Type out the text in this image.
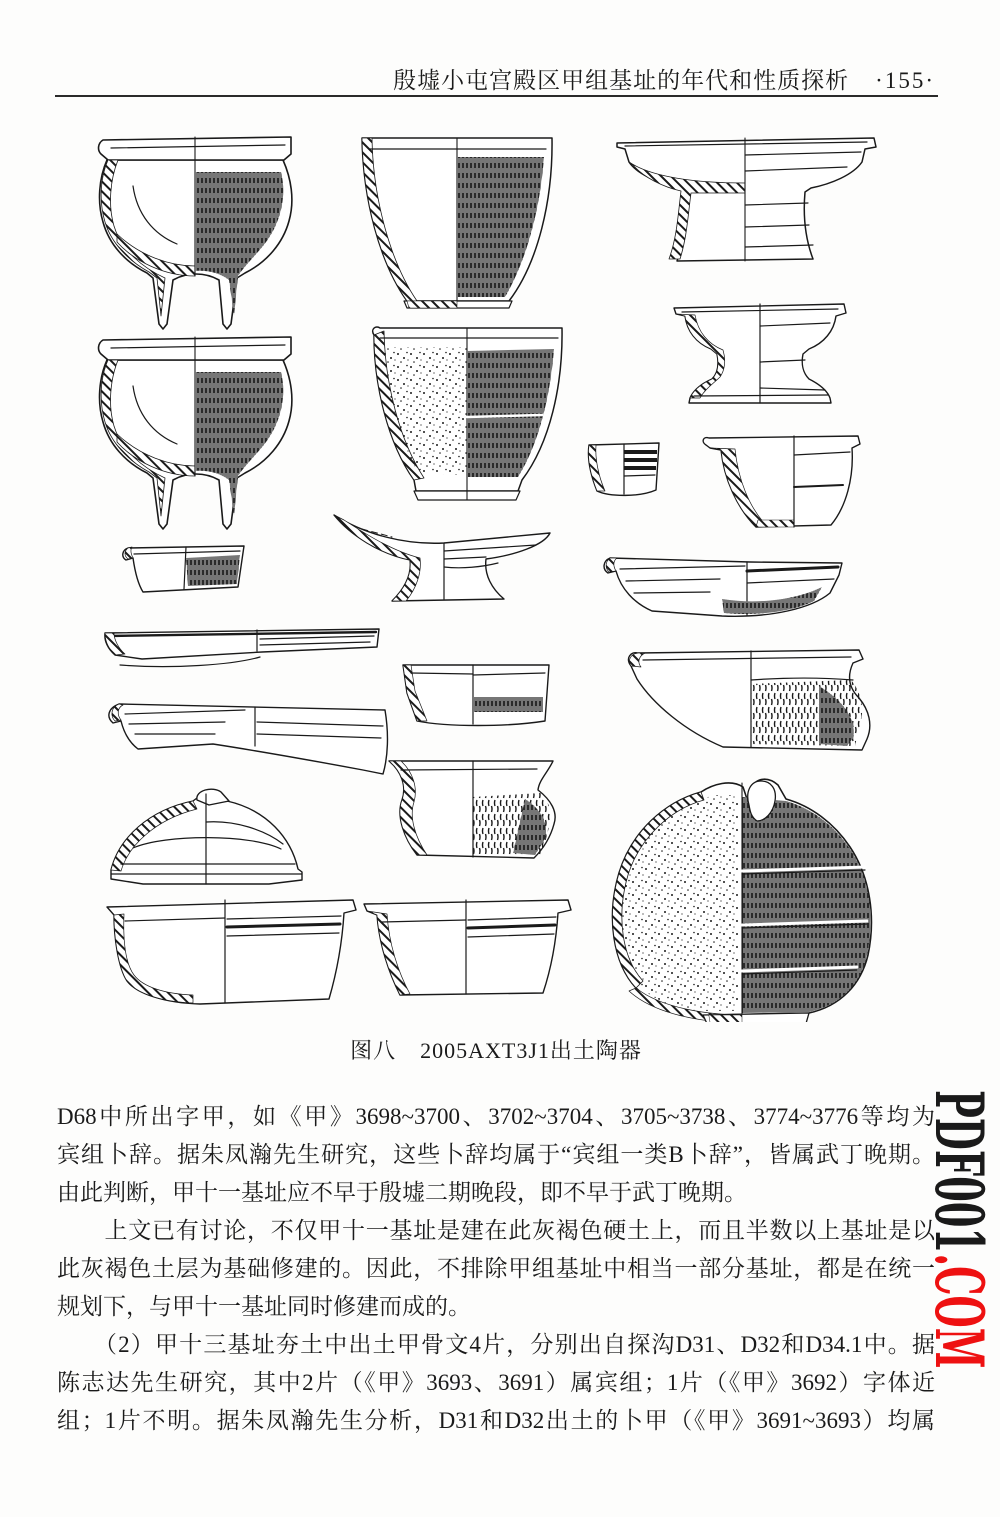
殷墟小屯宫殿区甲组基址的年代和性质探析 ·155·
图八 2005AXT3J1出土陶器
D68中所出字甲，如《甲》3698~3700、3702~3704、3705~3738、3774~3776等均为
宾组卜辞。据朱凤瀚先生研究，这些卜辞均属于“宾组一类B卜辞”，皆属武丁晚期。
由此判断，甲十一基址应不早于殷墟二期晚段，即不早于武丁晚期。
　　上文已有讨论，不仅甲十一基址是建在此灰褐色硬土上，而且半数以上基址是以
此灰褐色土层为基础修建的。因此，不排除甲组基址中相当一部分基址，都是在统一
规划下，与甲十一基址同时修建而成的。
　　（2）甲十三基址夯土中出土甲骨文4片，分别出自探沟D31、D32和D34.1中。据
陈志达先生研究，其中2片（《甲》3693、3691）属宾组；1片（《甲》3692）字体近
组；1片不明。据朱凤瀚先生分析，D31和D32出土的卜甲（《甲》3691~3693）均属
PDF001.COM
